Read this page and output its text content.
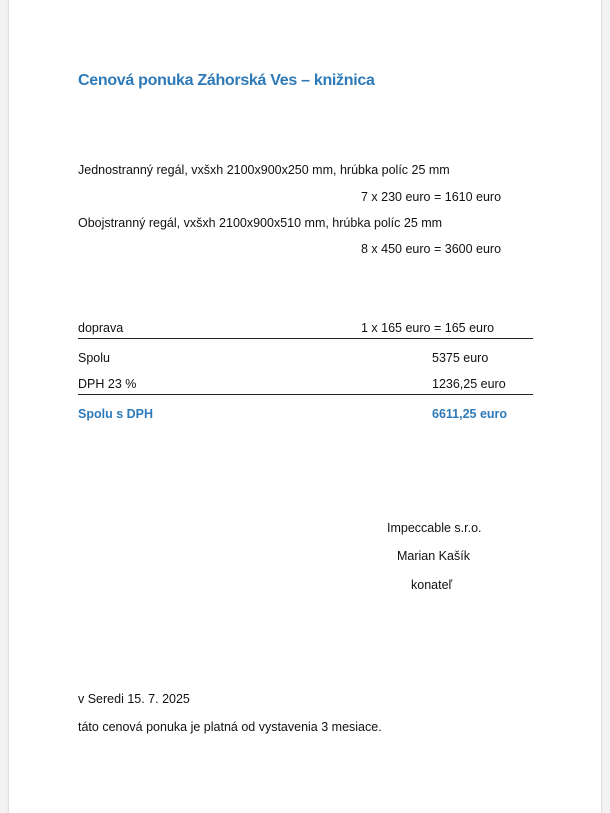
Cenová ponuka Záhorská Ves – knižnica
Jednostranný regál, vxšxh 2100x900x250 mm, hrúbka políc 25 mm
7 x 230 euro = 1610 euro
Obojstranný regál, vxšxh 2100x900x510 mm, hrúbka políc 25 mm
8 x 450 euro = 3600 euro
doprava	1 x 165 euro = 165 euro
Spolu	5375 euro
DPH 23 %	1236,25 euro
Spolu s DPH	6611,25 euro
Impeccable s.r.o.
Marian Kašík
konateľ
v Seredi 15. 7. 2025
táto cenová ponuka je platná od vystavenia 3 mesiace.
